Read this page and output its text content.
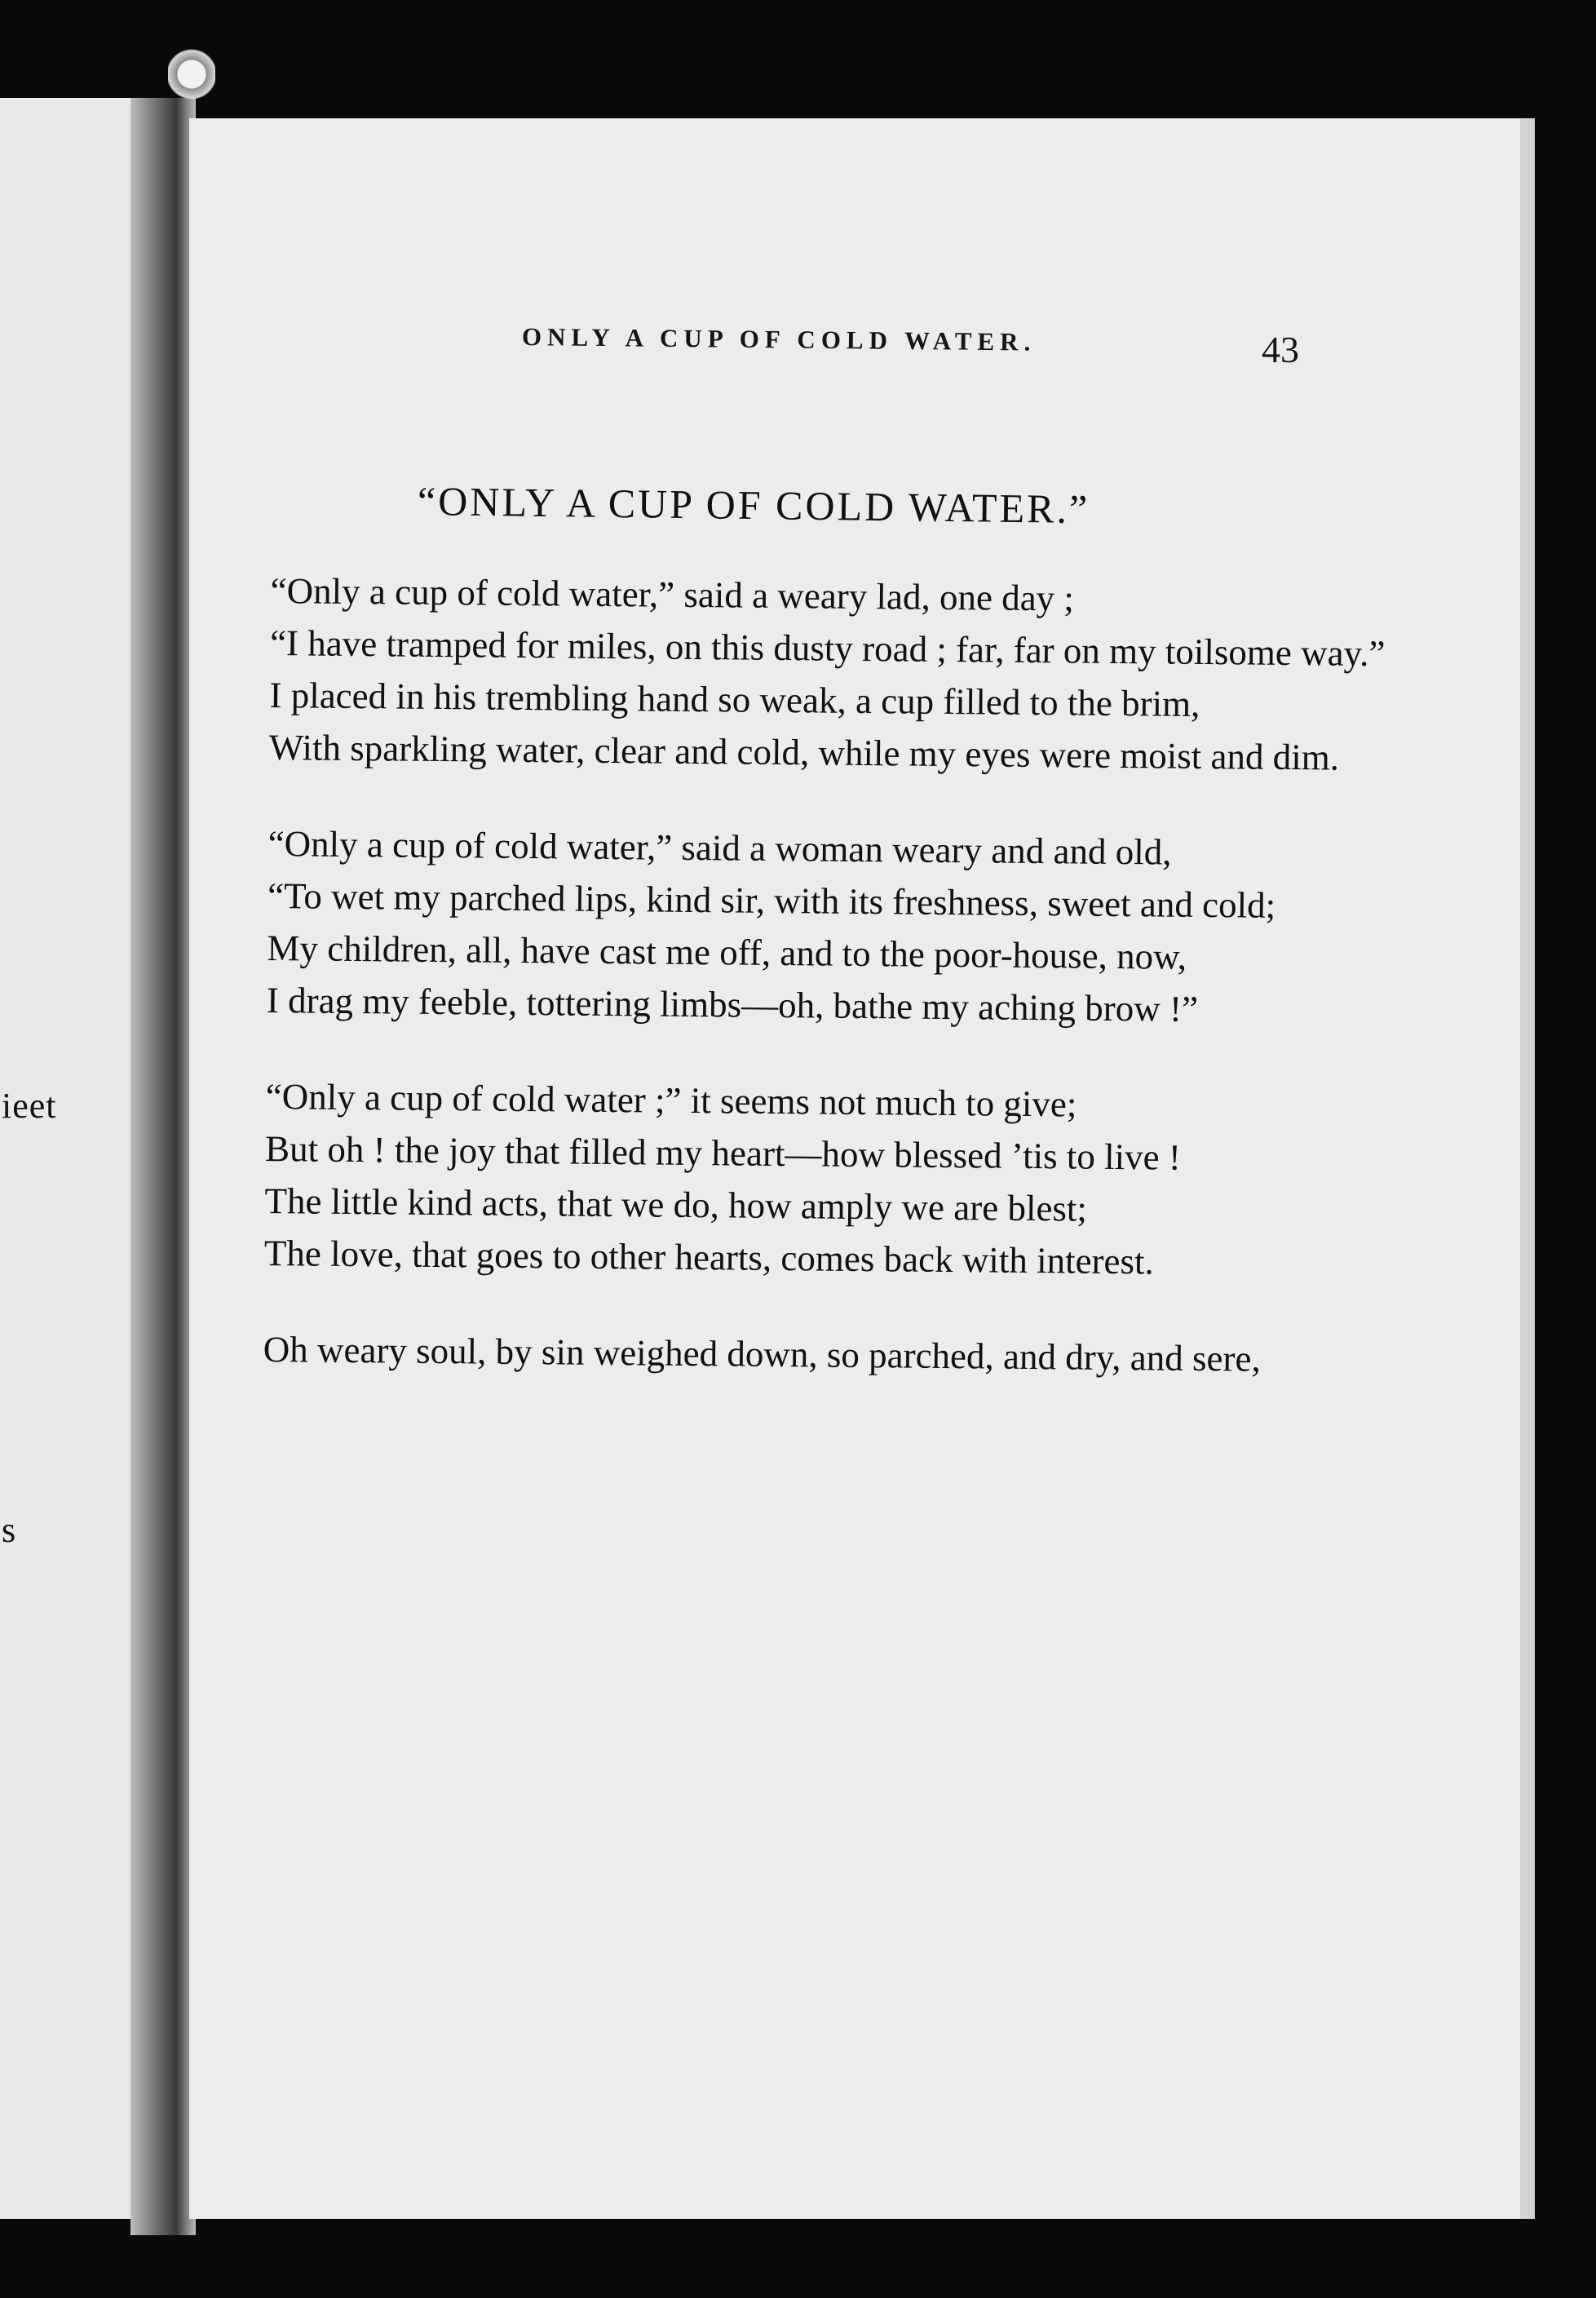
ieet
s
ONLY A CUP OF COLD WATER.	43
“ONLY A CUP OF COLD WATER.”
“Only a cup of cold water,” said a weary lad, one day ;
“I have tramped for miles, on this dusty road ; far, far on my toilsome way.”
I placed in his trembling hand so weak, a cup filled to the brim,
With sparkling water, clear and cold, while my eyes were moist and dim.
“Only a cup of cold water,” said a woman weary and and old,
“To wet my parched lips, kind sir, with its freshness, sweet and cold;
My children, all, have cast me off, and to the poor-house, now,
I drag my feeble, tottering limbs—oh, bathe my aching brow !”
“Only a cup of cold water ;” it seems not much to give;
But oh ! the joy that filled my heart—how blessed ’tis to live !
The little kind acts, that we do, how amply we are blest;
The love, that goes to other hearts, comes back with interest.
Oh weary soul, by sin weighed down, so parched, and dry, and sere,
